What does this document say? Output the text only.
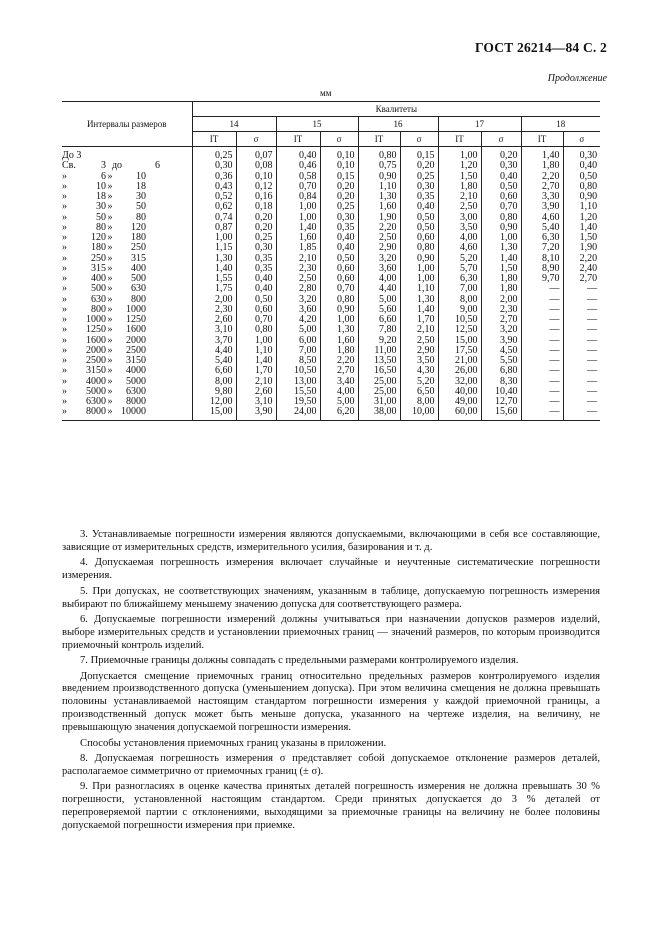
ГОСТ 26214—84 С. 2
Продолжение
мм
Интервалы размеров	Квалитеты									
	14		15		16		17		18	
	IT	σ	IT	σ	IT	σ	IT	σ	IT	σ
До 3	0,25	0,07	0,40	0,10	0,80	0,15	1,00	0,20	1,40	0,30
Св. 3 до 6	0,30	0,08	0,46	0,10	0,75	0,20	1,20	0,30	1,80	0,40
» 6 » 10	0,36	0,10	0,58	0,15	0,90	0,25	1,50	0,40	2,20	0,50
» 10 » 18	0,43	0,12	0,70	0,20	1,10	0,30	1,80	0,50	2,70	0,80
» 18 » 30	0,52	0,16	0,84	0,20	1,30	0,35	2,10	0,60	3,30	0,90
» 30 » 50	0,62	0,18	1,00	0,25	1,60	0,40	2,50	0,70	3,90	1,10
» 50 » 80	0,74	0,20	1,00	0,30	1,90	0,50	3,00	0,80	4,60	1,20
» 80 » 120	0,87	0,20	1,40	0,35	2,20	0,50	3,50	0,90	5,40	1,40
» 120 » 180	1,00	0,25	1,60	0,40	2,50	0,60	4,00	1,00	6,30	1,50
» 180 » 250	1,15	0,30	1,85	0,40	2,90	0,80	4,60	1,30	7,20	1,90
» 250 » 315	1,30	0,35	2,10	0,50	3,20	0,90	5,20	1,40	8,10	2,20
» 315 » 400	1,40	0,35	2,30	0,60	3,60	1,00	5,70	1,50	8,90	2,40
» 400 » 500	1,55	0,40	2,50	0,60	4,00	1,00	6,30	1,80	9,70	2,70
» 500 » 630	1,75	0,40	2,80	0,70	4,40	1,10	7,00	1,80	—	—
» 630 » 800	2,00	0,50	3,20	0,80	5,00	1,30	8,00	2,00	—	—
» 800 » 1000	2,30	0,60	3,60	0,90	5,60	1,40	9,00	2,30	—	—
» 1000 » 1250	2,60	0,70	4,20	1,00	6,60	1,70	10,50	2,70	—	—
» 1250 » 1600	3,10	0,80	5,00	1,30	7,80	2,10	12,50	3,20	—	—
» 1600 » 2000	3,70	1,00	6,00	1,60	9,20	2,50	15,00	3,90	—	—
» 2000 » 2500	4,40	1,10	7,00	1,80	11,00	2,90	17,50	4,50	—	—
» 2500 » 3150	5,40	1,40	8,50	2,20	13,50	3,50	21,00	5,50	—	—
» 3150 » 4000	6,60	1,70	10,50	2,70	16,50	4,30	26,00	6,80	—	—
» 4000 » 5000	8,00	2,10	13,00	3,40	25,00	5,20	32,00	8,30	—	—
» 5000 » 6300	9,80	2,60	15,50	4,00	25,00	6,50	40,00	10,40	—	—
» 6300 » 8000	12,00	3,10	19,50	5,00	31,00	8,00	49,00	12,70	—	—
» 8000 » 10000	15,00	3,90	24,00	6,20	38,00	10,00	60,00	15,60	—	—

3. Устанавливаемые погрешности измерения являются допускаемыми, включающими в себя все составляющие, зависящие от измерительных средств, измерительного усилия, базирования и т. д.

4. Допускаемая погрешность измерения включает случайные и неучтенные систематические погрешности измерения.

5. При допусках, не соответствующих значениям, указанным в таблице, допускаемую погрешность измерения выбирают по ближайшему меньшему значению допуска для соответствующего размера.

6. Допускаемые погрешности измерений должны учитываться при назначении допусков размеров изделий, выборе измерительных средств и установлении приемочных границ — значений размеров, по которым производится приемочный контроль изделий.

7. Приемочные границы должны совпадать с предельными размерами контролируемого изделия.

Допускается смещение приемочных границ относительно предельных размеров контролируемого изделия введением производственного допуска (уменьшением допуска). При этом величина смещения не должна превышать половины устанавливаемой настоящим стандартом погрешности измерения у каждой приемочной границы, а производственный допуск может быть меньше допуска, указанного на чертеже изделия, на величину, не превышающую значения допускаемой погрешности измерения.

Способы установления приемочных границ указаны в приложении.

8. Допускаемая погрешность измерения σ представляет собой допускаемое отклонение размеров деталей, располагаемое симметрично от приемочных границ (± σ).

9. При разногласиях в оценке качества принятых деталей погрешность измерения не должна превышать 30 % погрешности, установленной настоящим стандартом. Среди принятых допускается до 3 % деталей от перепроверяемой партии с отклонениями, выходящими за приемочные границы на величину не более половины допускаемой погрешности измерения при приемке.
